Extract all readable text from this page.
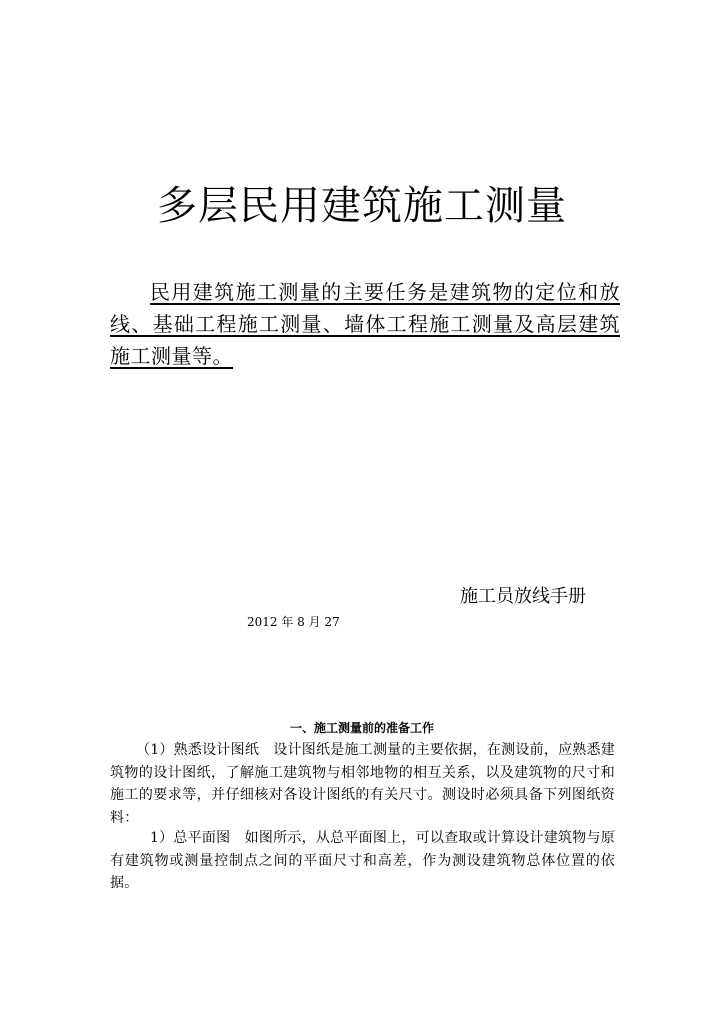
多层民用建筑施工测量
民用建筑施工测量的主要任务是建筑物的定位和放线、基础工程施工测量、墙体工程施工测量及高层建筑施工测量等。
施工员放线手册
2012 年 8 月 27
一、施工测量前的准备工作
（1）熟悉设计图纸　设计图纸是施工测量的主要依据，在测设前，应熟悉建筑物的设计图纸，了解施工建筑物与相邻地物的相互关系，以及建筑物的尺寸和施工的要求等，并仔细核对各设计图纸的有关尺寸。测设时必须具备下列图纸资料：
1）总平面图　如图所示，从总平面图上，可以查取或计算设计建筑物与原有建筑物或测量控制点之间的平面尺寸和高差，作为测设建筑物总体位置的依据。
